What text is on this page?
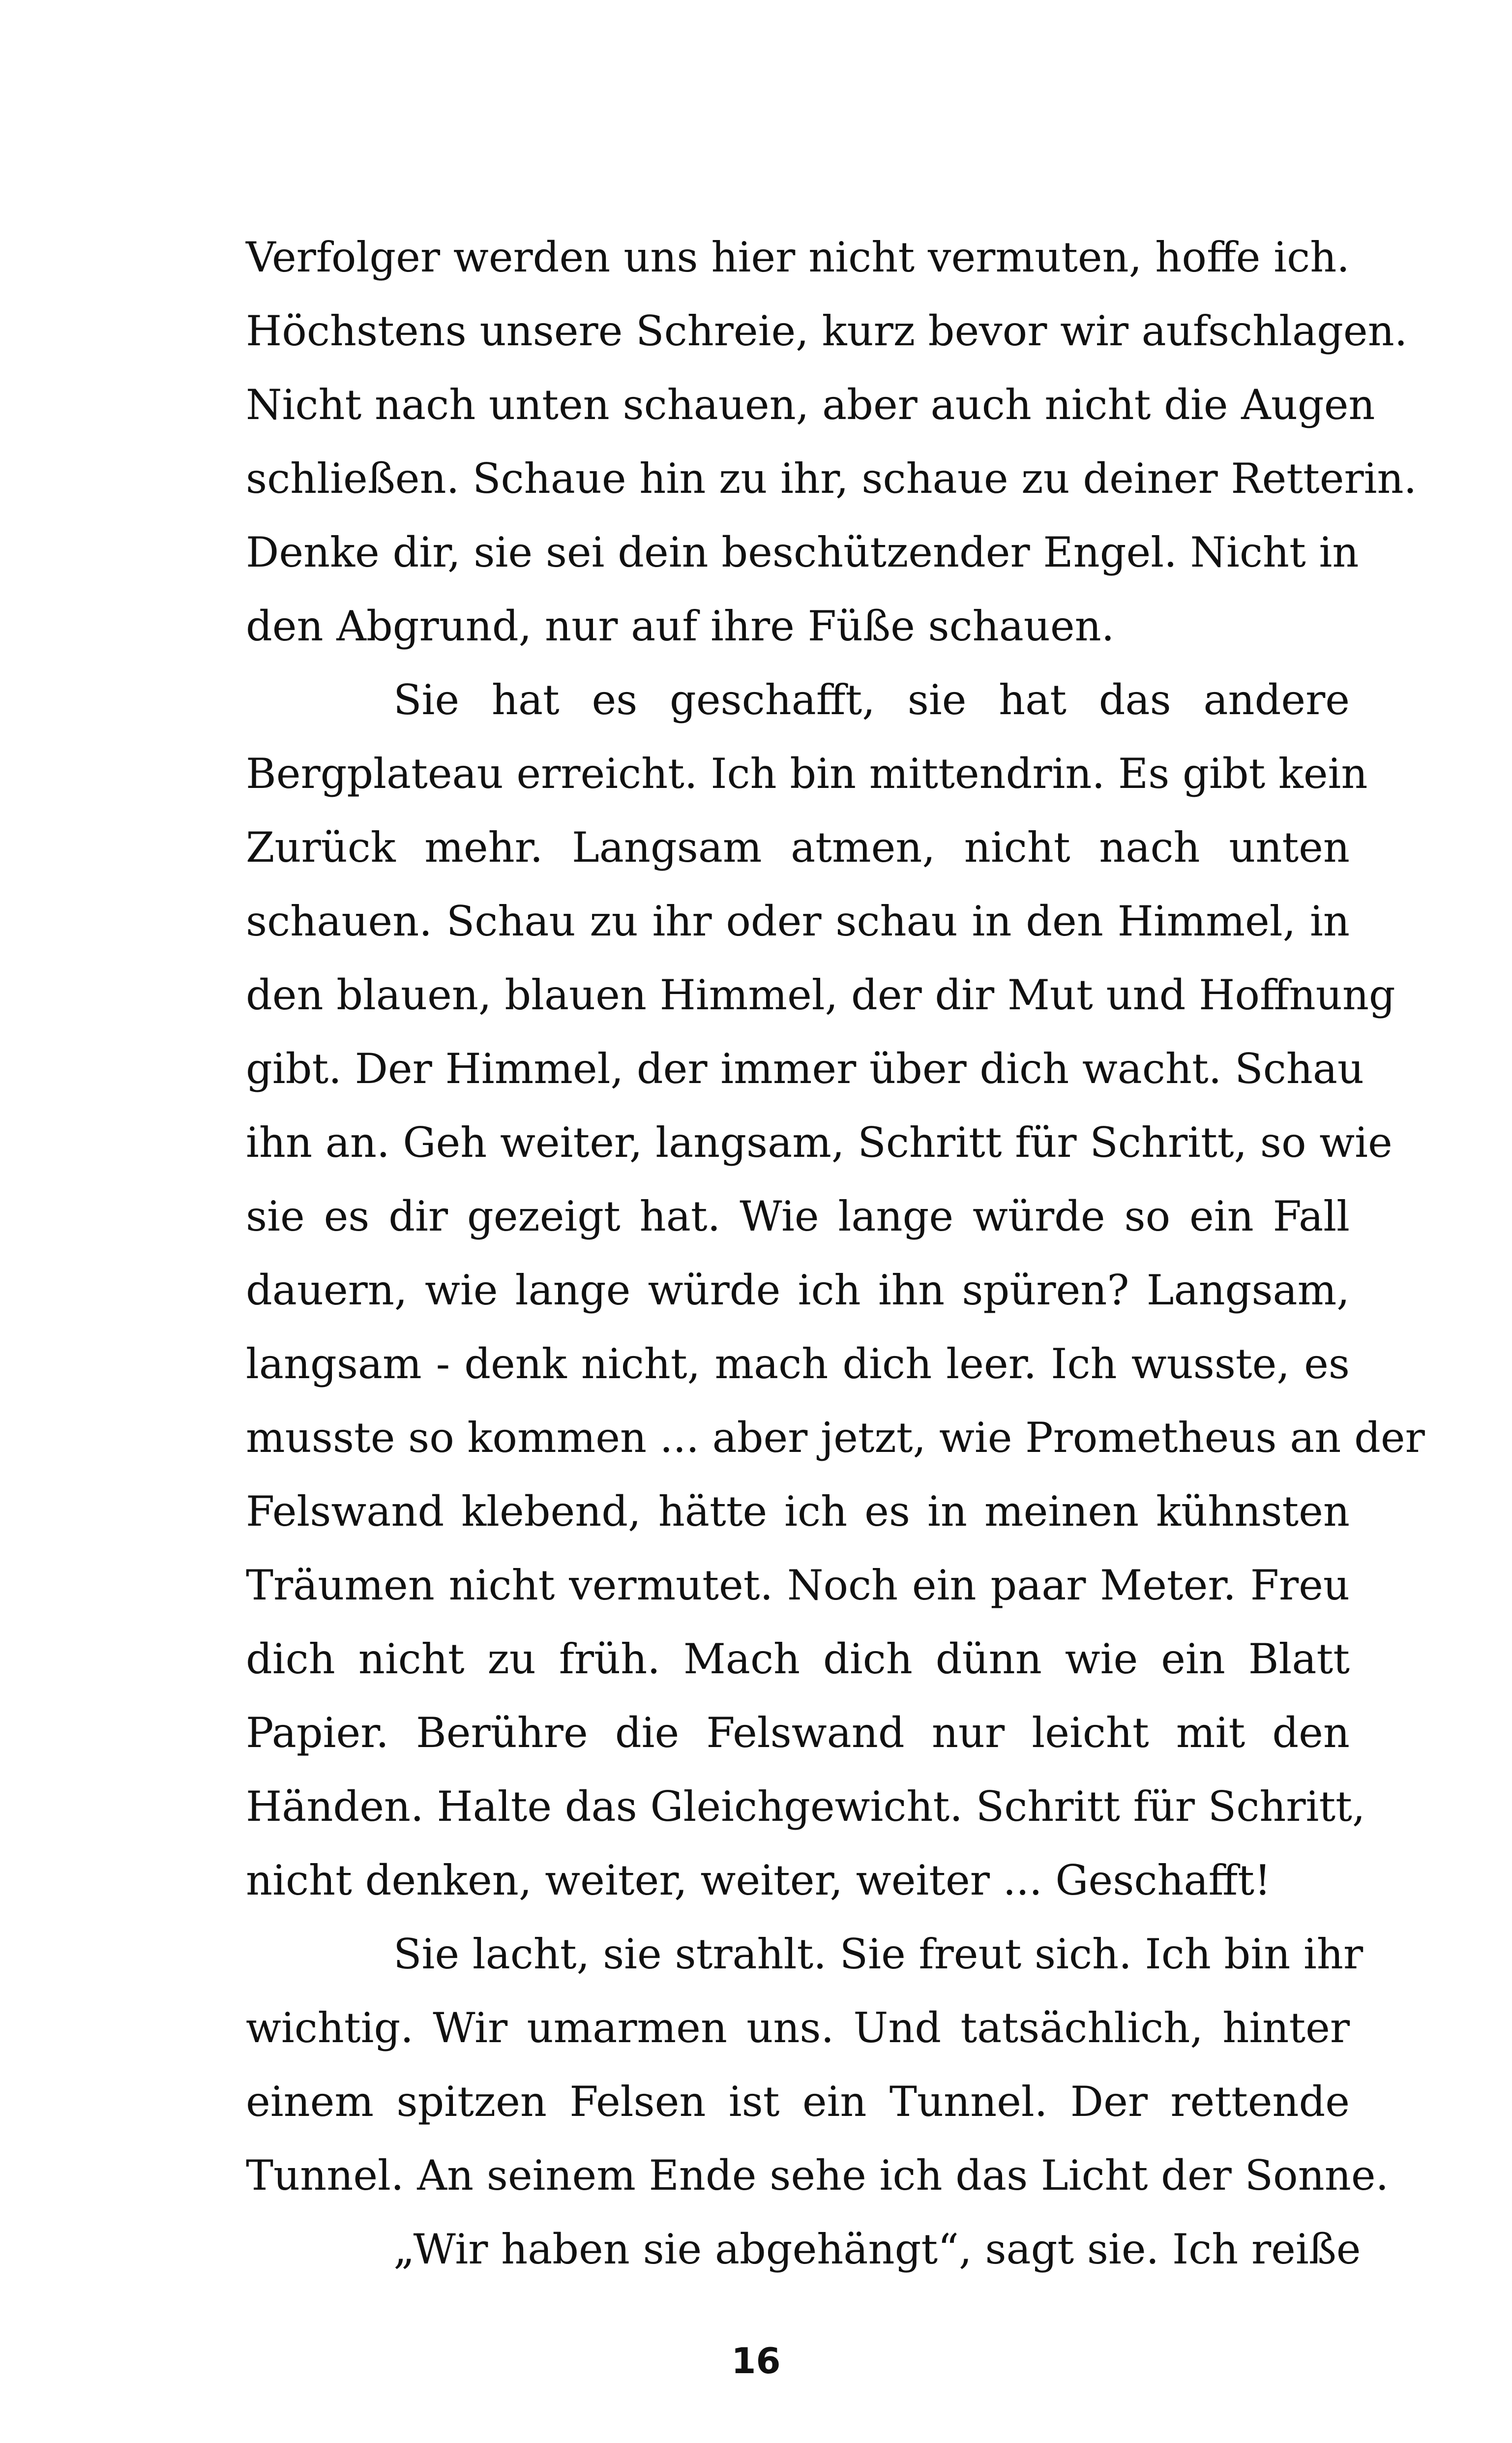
Verfolger werden uns hier nicht vermuten, hoffe ich.
Höchstens unsere Schreie, kurz bevor wir aufschlagen.
Nicht nach unten schauen, aber auch nicht die Augen
schließen. Schaue hin zu ihr, schaue zu deiner Retterin.
Denke dir, sie sei dein beschützender Engel. Nicht in
den Abgrund, nur auf ihre Füße schauen.
Sie hat es geschafft, sie hat das andere
Bergplateau erreicht. Ich bin mittendrin. Es gibt kein
Zurück mehr. Langsam atmen, nicht nach unten
schauen. Schau zu ihr oder schau in den Himmel, in
den blauen, blauen Himmel, der dir Mut und Hoffnung
gibt. Der Himmel, der immer über dich wacht. Schau
ihn an. Geh weiter, langsam, Schritt für Schritt, so wie
sie es dir gezeigt hat. Wie lange würde so ein Fall
dauern, wie lange würde ich ihn spüren? Langsam,
langsam - denk nicht, mach dich leer. Ich wusste, es
musste so kommen ... aber jetzt, wie Prometheus an der
Felswand klebend, hätte ich es in meinen kühnsten
Träumen nicht vermutet. Noch ein paar Meter. Freu
dich nicht zu früh. Mach dich dünn wie ein Blatt
Papier. Berühre die Felswand nur leicht mit den
Händen. Halte das Gleichgewicht. Schritt für Schritt,
nicht denken, weiter, weiter, weiter ... Geschafft!
Sie lacht, sie strahlt. Sie freut sich. Ich bin ihr
wichtig. Wir umarmen uns. Und tatsächlich, hinter
einem spitzen Felsen ist ein Tunnel. Der rettende
Tunnel. An seinem Ende sehe ich das Licht der Sonne.
„Wir haben sie abgehängt“, sagt sie. Ich reiße
16
